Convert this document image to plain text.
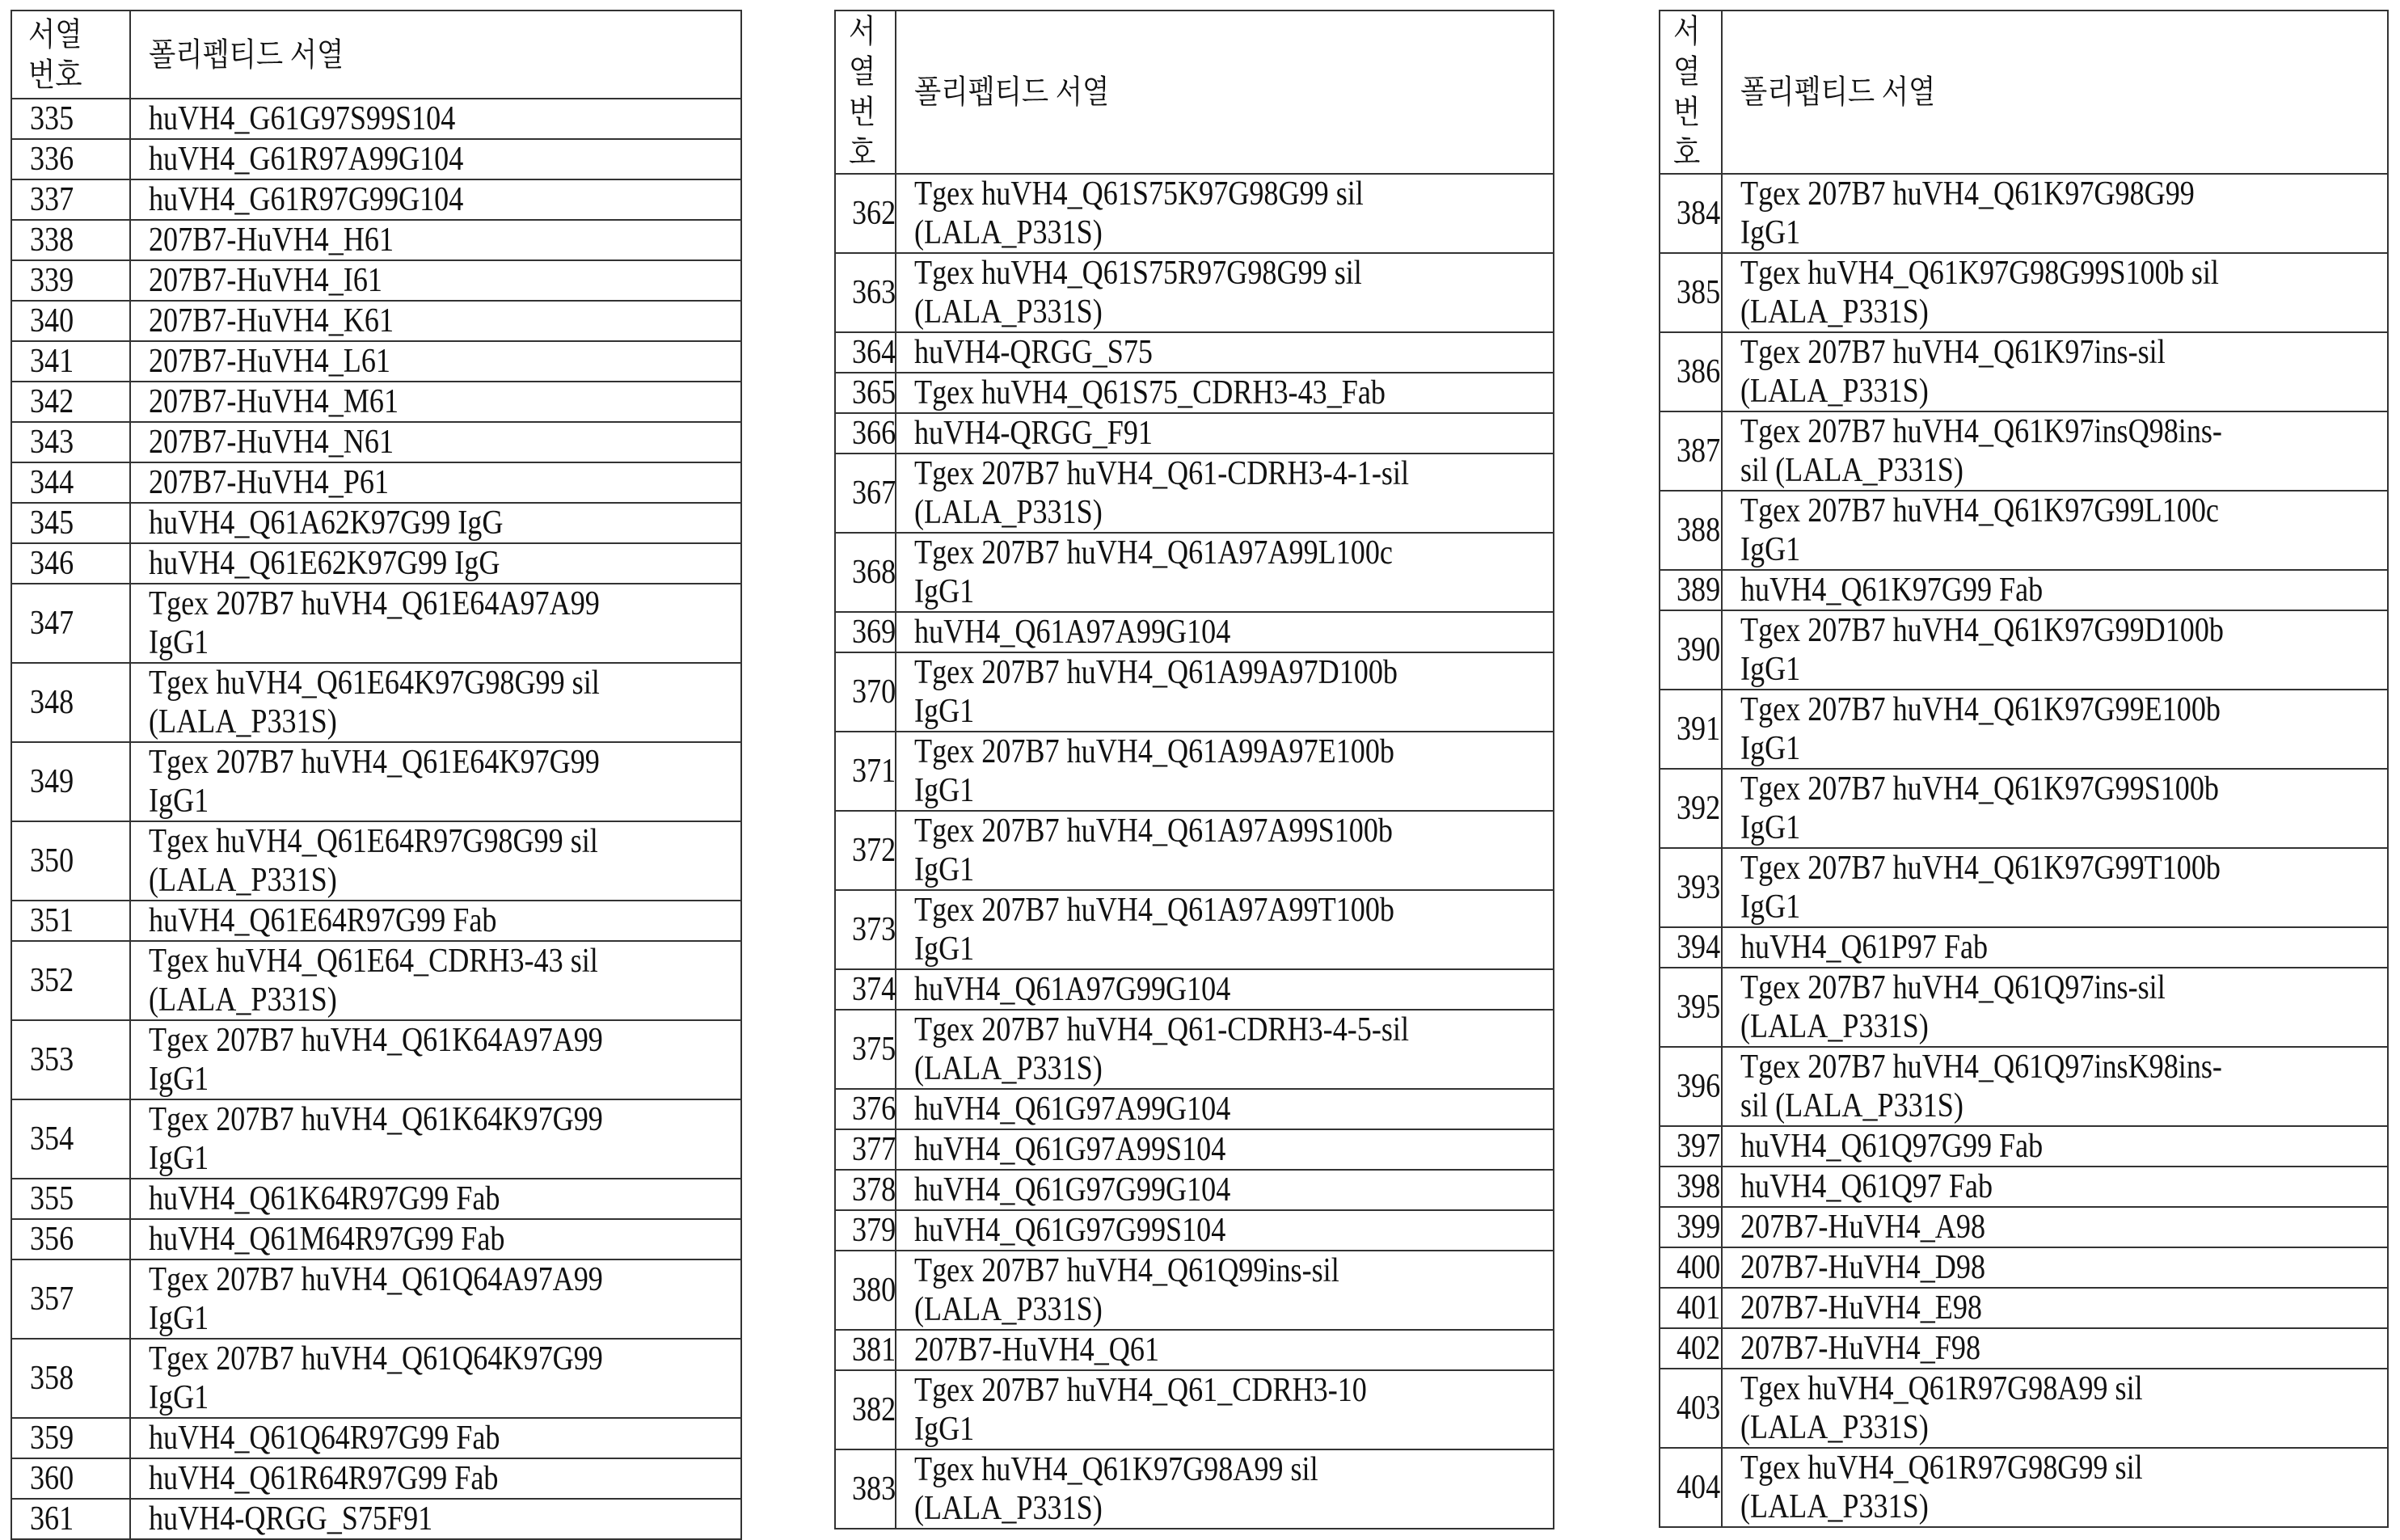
서열
번호	폴리펩티드 서열
335	huVH4_G61G97S99S104
336	huVH4_G61R97A99G104
337	huVH4_G61R97G99G104
338	207B7-HuVH4_H61
339	207B7-HuVH4_I61
340	207B7-HuVH4_K61
341	207B7-HuVH4_L61
342	207B7-HuVH4_M61
343	207B7-HuVH4_N61
344	207B7-HuVH4_P61
345	huVH4_Q61A62K97G99 IgG
346	huVH4_Q61E62K97G99 IgG
347	Tgex 207B7 huVH4_Q61E64A97A99 IgG1
348	Tgex huVH4_Q61E64K97G98G99 sil
(LALA_P331S)
349	Tgex 207B7 huVH4_Q61E64K97G99 IgG1
350	Tgex huVH4_Q61E64R97G98G99 sil
(LALA_P331S)
351	huVH4_Q61E64R97G99 Fab
352	Tgex huVH4_Q61E64_CDRH3-43 sil
(LALA_P331S)
353	Tgex 207B7 huVH4_Q61K64A97A99
IgG1
354	Tgex 207B7 huVH4_Q61K64K97G99
IgG1
355	huVH4_Q61K64R97G99 Fab
356	huVH4_Q61M64R97G99 Fab
357	Tgex 207B7 huVH4_Q61Q64A97A99
IgG1
358	Tgex 207B7 huVH4_Q61Q64K97G99
IgG1
359	huVH4_Q61Q64R97G99 Fab
360	huVH4_Q61R64R97G99 Fab
361	huVH4-QRGG_S75F91
서열
번호	폴리펩티드 서열
362	Tgex huVH4_Q61S75K97G98G99 sil
(LALA_P331S)
363	Tgex huVH4_Q61S75R97G98G99 sil
(LALA_P331S)
364	huVH4-QRGG_S75
365	Tgex huVH4_Q61S75_CDRH3-43_Fab
366	huVH4-QRGG_F91
367	Tgex 207B7 huVH4_Q61-CDRH3-4-1-sil
(LALA_P331S)
368	Tgex 207B7 huVH4_Q61A97A99L100c
IgG1
369	huVH4_Q61A97A99G104
370	Tgex 207B7 huVH4_Q61A99A97D100b
IgG1
371	Tgex 207B7 huVH4_Q61A99A97E100b
IgG1
372	Tgex 207B7 huVH4_Q61A97A99S100b
IgG1
373	Tgex 207B7 huVH4_Q61A97A99T100b
IgG1
374	huVH4_Q61A97G99G104
375	Tgex 207B7 huVH4_Q61-CDRH3-4-5-sil
(LALA_P331S)
376	huVH4_Q61G97A99G104
377	huVH4_Q61G97A99S104
378	huVH4_Q61G97G99G104
379	huVH4_Q61G97G99S104
380	Tgex 207B7 huVH4_Q61Q99ins-sil
(LALA_P331S)
381	207B7-HuVH4_Q61
382	Tgex 207B7 huVH4_Q61_CDRH3-10
IgG1
383	Tgex huVH4_Q61K97G98A99 sil
(LALA_P331S)
서열
번호	폴리펩티드 서열
384	Tgex 207B7 huVH4_Q61K97G98G99
IgG1
385	Tgex huVH4_Q61K97G98G99S100b sil
(LALA_P331S)
386	Tgex 207B7 huVH4_Q61K97ins-sil
(LALA_P331S)
387	Tgex 207B7 huVH4_Q61K97insQ98ins-
sil (LALA_P331S)
388	Tgex 207B7 huVH4_Q61K97G99L100c
IgG1
389	huVH4_Q61K97G99 Fab
390	Tgex 207B7 huVH4_Q61K97G99D100b
IgG1
391	Tgex 207B7 huVH4_Q61K97G99E100b
IgG1
392	Tgex 207B7 huVH4_Q61K97G99S100b
IgG1
393	Tgex 207B7 huVH4_Q61K97G99T100b
IgG1
394	huVH4_Q61P97 Fab
395	Tgex 207B7 huVH4_Q61Q97ins-sil
(LALA_P331S)
396	Tgex 207B7 huVH4_Q61Q97insK98ins-
sil (LALA_P331S)
397	huVH4_Q61Q97G99 Fab
398	huVH4_Q61Q97 Fab
399	207B7-HuVH4_A98
400	207B7-HuVH4_D98
401	207B7-HuVH4_E98
402	207B7-HuVH4_F98
403	Tgex huVH4_Q61R97G98A99 sil
(LALA_P331S)
404	Tgex huVH4_Q61R97G98G99 sil
(LALA_P331S)
